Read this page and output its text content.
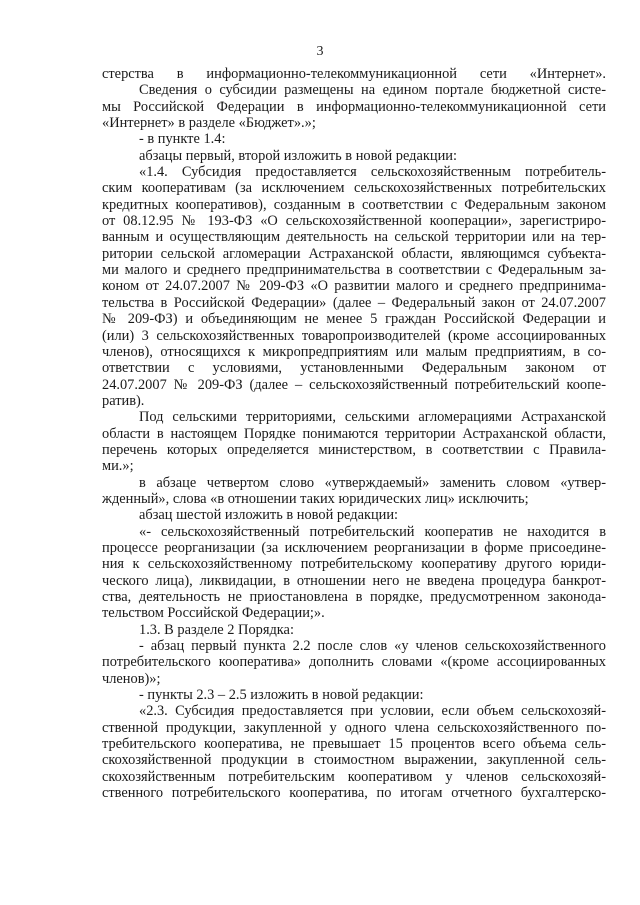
3
стерства в информационно-телекоммуникационной сети «Интернет».
Сведения о субсидии размещены на едином портале бюджетной систе-
мы Российской Федерации в информационно-телекоммуникационной сети
«Интернет» в разделе «Бюджет».»;
- в пункте 1.4:
абзацы первый, второй изложить в новой редакции:
«1.4. Субсидия предоставляется сельскохозяйственным потребитель-
ским кооперативам (за исключением сельскохозяйственных потребительских
кредитных кооперативов), созданным в соответствии с Федеральным законом
от 08.12.95 № 193-ФЗ «О сельскохозяйственной кооперации», зарегистриро-
ванным и осуществляющим деятельность на сельской территории или на тер-
ритории сельской агломерации Астраханской области, являющимся субъекта-
ми малого и среднего предпринимательства в соответствии с Федеральным за-
коном от 24.07.2007 № 209-ФЗ «О развитии малого и среднего предпринима-
тельства в Российской Федерации» (далее – Федеральный закон от 24.07.2007
№ 209-ФЗ) и объединяющим не менее 5 граждан Российской Федерации и
(или) 3 сельскохозяйственных товаропроизводителей (кроме ассоциированных
членов), относящихся к микропредприятиям или малым предприятиям, в со-
ответствии с условиями, установленными Федеральным законом от
24.07.2007 № 209-ФЗ (далее – сельскохозяйственный потребительский коопе-
ратив).
Под сельскими территориями, сельскими агломерациями Астраханской
области в настоящем Порядке понимаются территории Астраханской области,
перечень которых определяется министерством, в соответствии с Правила-
ми.»;
в абзаце четвертом слово «утверждаемый» заменить словом «утвер-
жденный», слова «в отношении таких юридических лиц» исключить;
абзац шестой изложить в новой редакции:
«- сельскохозяйственный потребительский кооператив не находится в
процессе реорганизации (за исключением реорганизации в форме присоедине-
ния к сельскохозяйственному потребительскому кооперативу другого юриди-
ческого лица), ликвидации, в отношении него не введена процедура банкрот-
ства, деятельность не приостановлена в порядке, предусмотренном законода-
тельством Российской Федерации;».
1.3. В разделе 2 Порядка:
- абзац первый пункта 2.2 после слов «у членов сельскохозяйственного
потребительского кооператива» дополнить словами «(кроме ассоциированных
членов)»;
- пункты 2.3 – 2.5 изложить в новой редакции:
«2.3. Субсидия предоставляется при условии, если объем сельскохозяй-
ственной продукции, закупленной у одного члена сельскохозяйственного по-
требительского кооператива, не превышает 15 процентов всего объема сель-
скохозяйственной продукции в стоимостном выражении, закупленной сель-
скохозяйственным потребительским кооперативом у членов сельскохозяй-
ственного потребительского кооператива, по итогам отчетного бухгалтерско-
